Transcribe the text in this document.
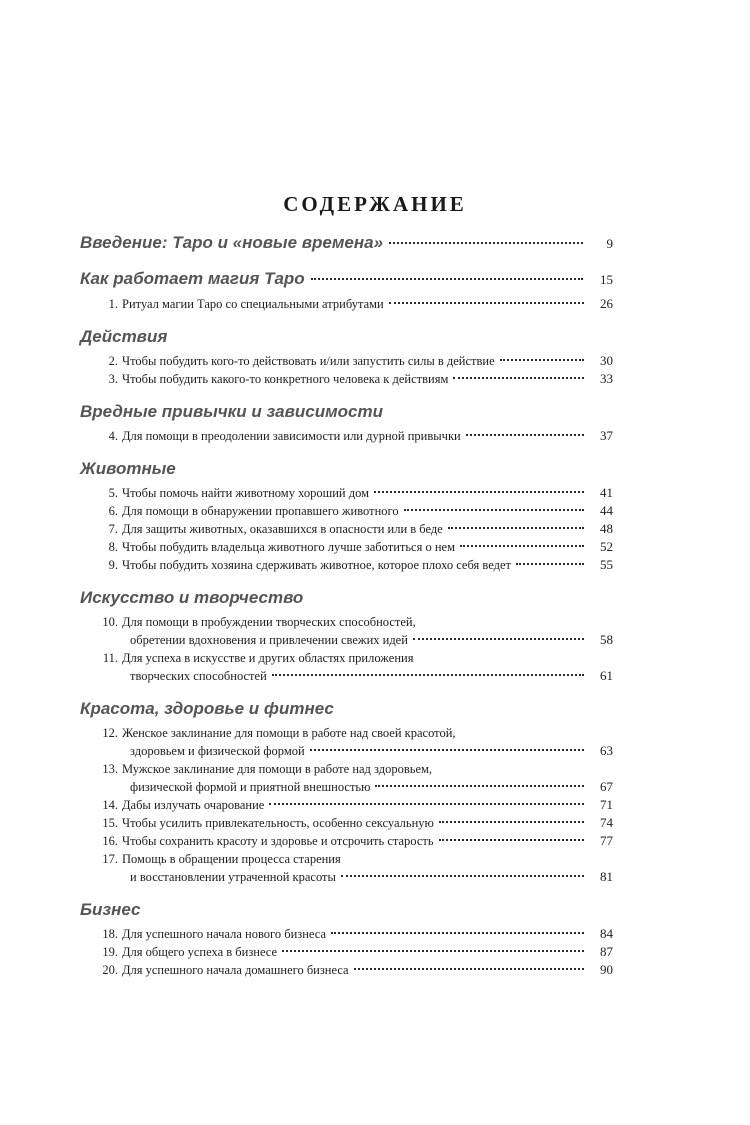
СОДЕРЖАНИЕ
Введение: Таро и «новые времена»	9
Как работает магия Таро	15
1. Ритуал магии Таро со специальными атрибутами	26
Действия
2. Чтобы побудить кого-то действовать и/или запустить силы в действие	30
3. Чтобы побудить какого-то конкретного человека к действиям	33
Вредные привычки и зависимости
4. Для помощи в преодолении зависимости или дурной привычки	37
Животные
5. Чтобы помочь найти животному хороший дом	41
6. Для помощи в обнаружении пропавшего животного	44
7. Для защиты животных, оказавшихся в опасности или в беде	48
8. Чтобы побудить владельца животного лучше заботиться о нем	52
9. Чтобы побудить хозяина сдерживать животное, которое плохо себя ведет	55
Искусство и творчество
10. Для помощи в пробуждении творческих способностей,
обретении вдохновения и привлечении свежих идей	58
11. Для успеха в искусстве и других областях приложения
творческих способностей	61
Красота, здоровье и фитнес
12. Женское заклинание для помощи в работе над своей красотой,
здоровьем и физической формой	63
13. Мужское заклинание для помощи в работе над здоровьем,
физической формой и приятной внешностью	67
14. Дабы излучать очарование	71
15. Чтобы усилить привлекательность, особенно сексуальную	74
16. Чтобы сохранить красоту и здоровье и отсрочить старость	77
17. Помощь в обращении процесса старения
и восстановлении утраченной красоты	81
Бизнес
18. Для успешного начала нового бизнеса	84
19. Для общего успеха в бизнесе	87
20. Для успешного начала домашнего бизнеса	90
